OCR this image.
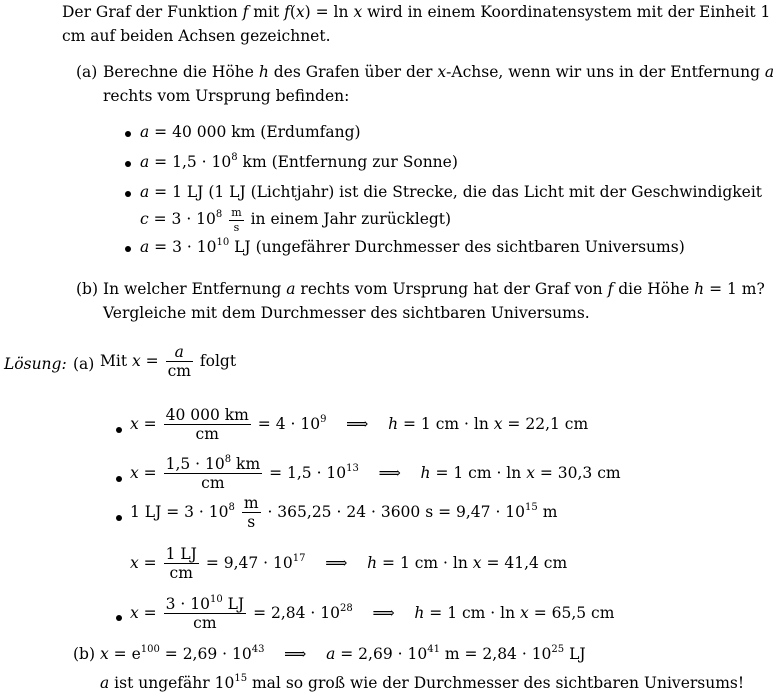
Der Graf der Funktion f mit f(x) = ln x wird in einem Koordinatensystem mit der Einheit 1
cm auf beiden Achsen gezeichnet.
(a) Berechne die Höhe h des Grafen über der x-Achse, wenn wir uns in der Entfernung a
rechts vom Ursprung befinden:
a = 40 000 km (Erdumfang)
$a = 1,5 \cdot 10^8$ km (Entfernung zur Sonne)
a = 1 LJ (1 LJ (Lichtjahr) ist die Strecke, die das Licht mit der Geschwindigkeit
$c = 3 \cdot 10^8 \frac{m}{s}$ in einem Jahr zurücklegt)
$a = 3 \cdot 10^{10}$ LJ (ungefährer Durchmesser des sichtbaren Universums)
(b) In welcher Entfernung a rechts vom Ursprung hat der Graf von f die Höhe h = 1 m?
Vergleiche mit dem Durchmesser des sichtbaren Universums.
Lösung: (a) Mit $x = \frac{a}{cm}$ folgt
$x = \frac{40 000 km}{cm} = 4 \cdot 10^9$    ⟹    h = 1 cm · ln x = 22,1 cm
$x = \frac{1,5 \cdot 10^8 km}{cm} = 1,5 \cdot 10^{13}$    ⟹    h = 1 cm · ln x = 30,3 cm
1 LJ = $3 \cdot 10^8 \frac{m}{s} \cdot 365,25 \cdot 24 \cdot 3600$ $s = 9,47 \cdot 10^{15}$ m
$x = \frac{1 LJ}{cm} = 9,47 \cdot 10^{17}$    ⟹    h = 1 cm · ln x = 41,4 cm
$x = \frac{3 \cdot 10^{10} LJ}{cm} = 2,84 \cdot 10^{28}$    ⟹    h = 1 cm · ln x = 65,5 cm
(b) $x = e^{100} = 2,69 \cdot 10^{43}$    ⟹    $a = 2,69 \cdot 10^{41}$ $m = 2,84 \cdot 10^{25}$ LJ
a ist ungefähr $10^{15}$ mal so groß wie der Durchmesser des sichtbaren Universums!
